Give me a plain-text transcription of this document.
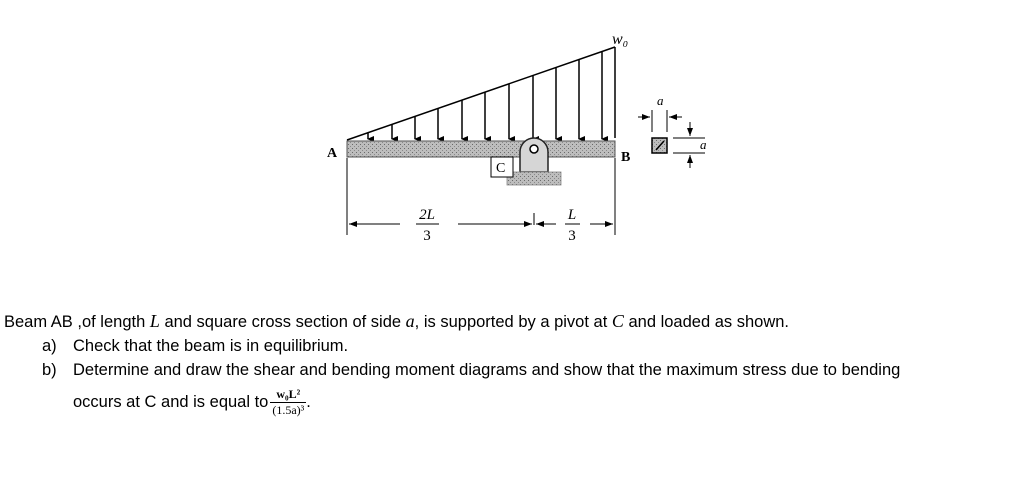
w₀
A	B
C
2L
3
L
3
a
a
Beam AB ,of length L and square cross section of side a, is supported by a pivot at C and loaded as shown.
a) Check that the beam is in equilibrium.
b) Determine and draw the shear and bending moment diagrams and show that the maximum stress due to bending
occurs at C and is equal to $\frac{\text{w₀L²}}{\text{(1.5a)³}}$ .
